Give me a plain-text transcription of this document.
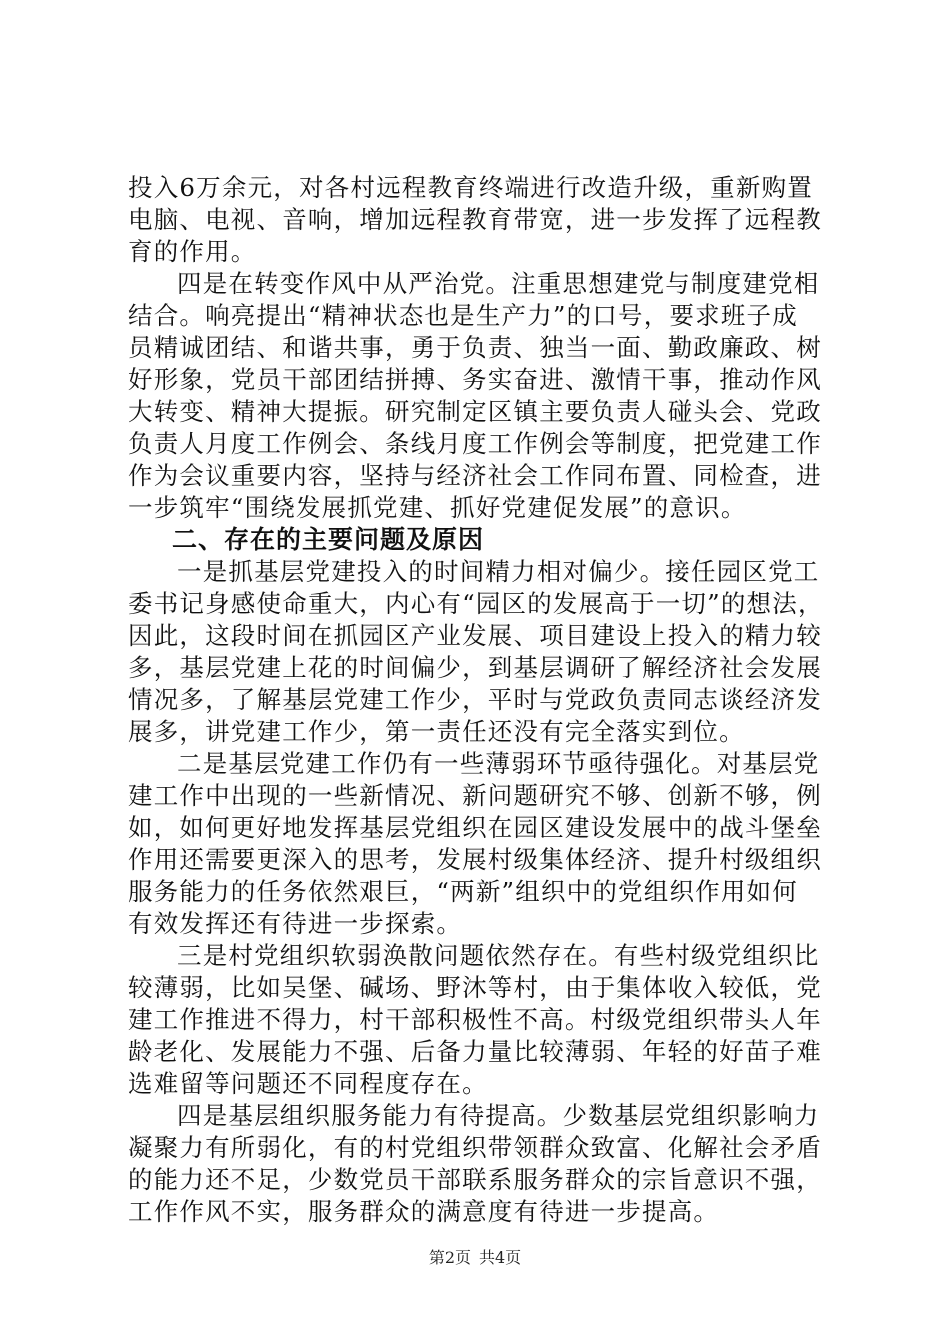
投入6万余元，对各村远程教育终端进行改造升级，重新购置
电脑、电视、音响，增加远程教育带宽，进一步发挥了远程教
育的作用。
四是在转变作风中从严治党。注重思想建党与制度建党相
结合。响亮提出“精神状态也是生产力”的口号，要求班子成
员精诚团结、和谐共事，勇于负责、独当一面、勤政廉政、树
好形象，党员干部团结拼搏、务实奋进、激情干事，推动作风
大转变、精神大提振。研究制定区镇主要负责人碰头会、党政
负责人月度工作例会、条线月度工作例会等制度，把党建工作
作为会议重要内容，坚持与经济社会工作同布置、同检查，进
一步筑牢“围绕发展抓党建、抓好党建促发展”的意识。
二、存在的主要问题及原因
一是抓基层党建投入的时间精力相对偏少。接任园区党工
委书记身感使命重大，内心有“园区的发展高于一切”的想法，
因此，这段时间在抓园区产业发展、项目建设上投入的精力较
多，基层党建上花的时间偏少，到基层调研了解经济社会发展
情况多，了解基层党建工作少，平时与党政负责同志谈经济发
展多，讲党建工作少，第一责任还没有完全落实到位。
二是基层党建工作仍有一些薄弱环节亟待强化。对基层党
建工作中出现的一些新情况、新问题研究不够、创新不够，例
如，如何更好地发挥基层党组织在园区建设发展中的战斗堡垒
作用还需要更深入的思考，发展村级集体经济、提升村级组织
服务能力的任务依然艰巨，“两新”组织中的党组织作用如何
有效发挥还有待进一步探索。
三是村党组织软弱涣散问题依然存在。有些村级党组织比
较薄弱，比如吴堡、碱场、野沐等村，由于集体收入较低，党
建工作推进不得力，村干部积极性不高。村级党组织带头人年
龄老化、发展能力不强、后备力量比较薄弱、年轻的好苗子难
选难留等问题还不同程度存在。
四是基层组织服务能力有待提高。少数基层党组织影响力
凝聚力有所弱化，有的村党组织带领群众致富、化解社会矛盾
的能力还不足，少数党员干部联系服务群众的宗旨意识不强，
工作作风不实，服务群众的满意度有待进一步提高。
第2页 共4页
